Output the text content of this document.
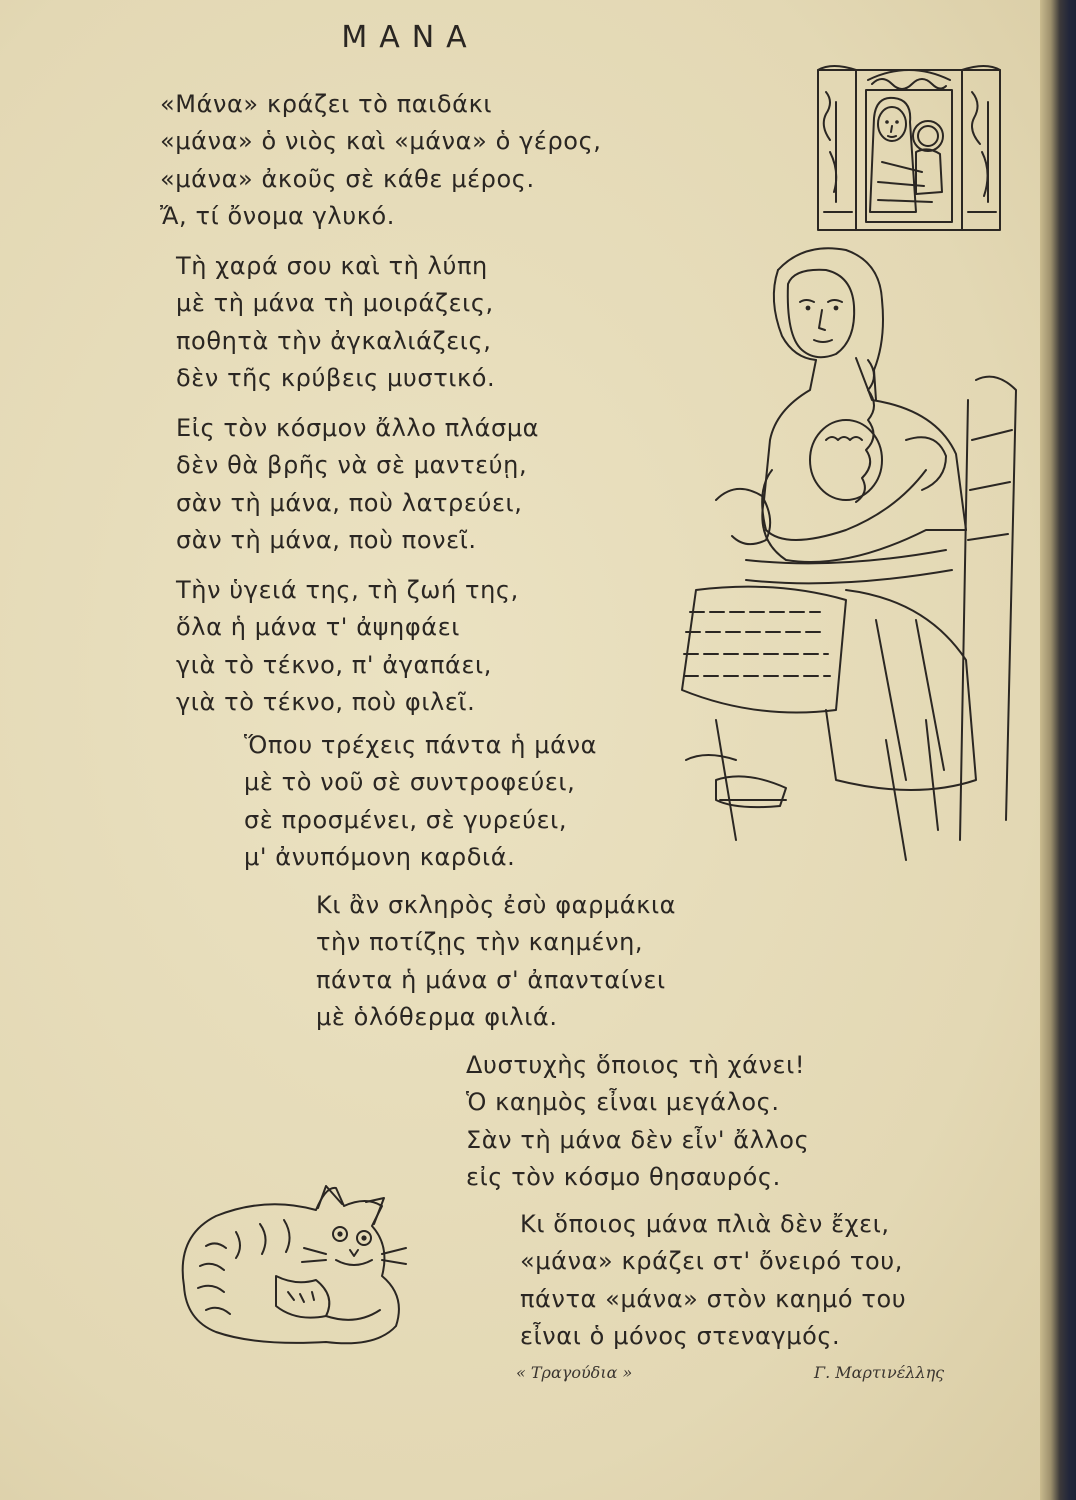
ΜΑΝΑ
«Μάνα» κράζει τὸ παιδάκι
«μάνα» ὁ νιὸς καὶ «μάνα» ὁ γέρος,
«μάνα» ἀκοῦς σὲ κάθε μέρος.
Ἄ, τί ὄνομα γλυκό.
Τὴ χαρά σου καὶ τὴ λύπη
μὲ τὴ μάνα τὴ μοιράζεις,
ποθητὰ τὴν ἀγκαλιάζεις,
δὲν τῆς κρύβεις μυστικό.
Εἰς τὸν κόσμον ἄλλο πλάσμα
δὲν θὰ βρῆς νὰ σὲ μαντεύῃ,
σὰν τὴ μάνα, ποὺ λατρεύει,
σὰν τὴ μάνα, ποὺ πονεῖ.
Τὴν ὑγειά της, τὴ ζωή της,
ὅλα ἡ μάνα τ' ἀψηφάει
γιὰ τὸ τέκνο, π' ἀγαπάει,
γιὰ τὸ τέκνο, ποὺ φιλεῖ.
Ὅπου τρέχεις πάντα ἡ μάνα
μὲ τὸ νοῦ σὲ συντροφεύει,
σὲ προσμένει, σὲ γυρεύει,
μ' ἀνυπόμονη καρδιά.
Κι ἂν σκληρὸς ἐσὺ φαρμάκια
τὴν ποτίζῃς τὴν καημένη,
πάντα ἡ μάνα σ' ἀπανταίνει
μὲ ὁλόθερμα φιλιά.
Δυστυχὴς ὅποιος τὴ χάνει!
Ὁ καημὸς εἶναι μεγάλος.
Σὰν τὴ μάνα δὲν εἶν' ἄλλος
εἰς τὸν κόσμο θησαυρός.
Κι ὅποιος μάνα πλιὰ δὲν ἔχει,
«μάνα» κράζει στ' ὄνειρό του,
πάντα «μάνα» στὸν καημό του
εἶναι ὁ μόνος στεναγμός.
« Τραγούδια »	Γ. Μαρτινέλλης
